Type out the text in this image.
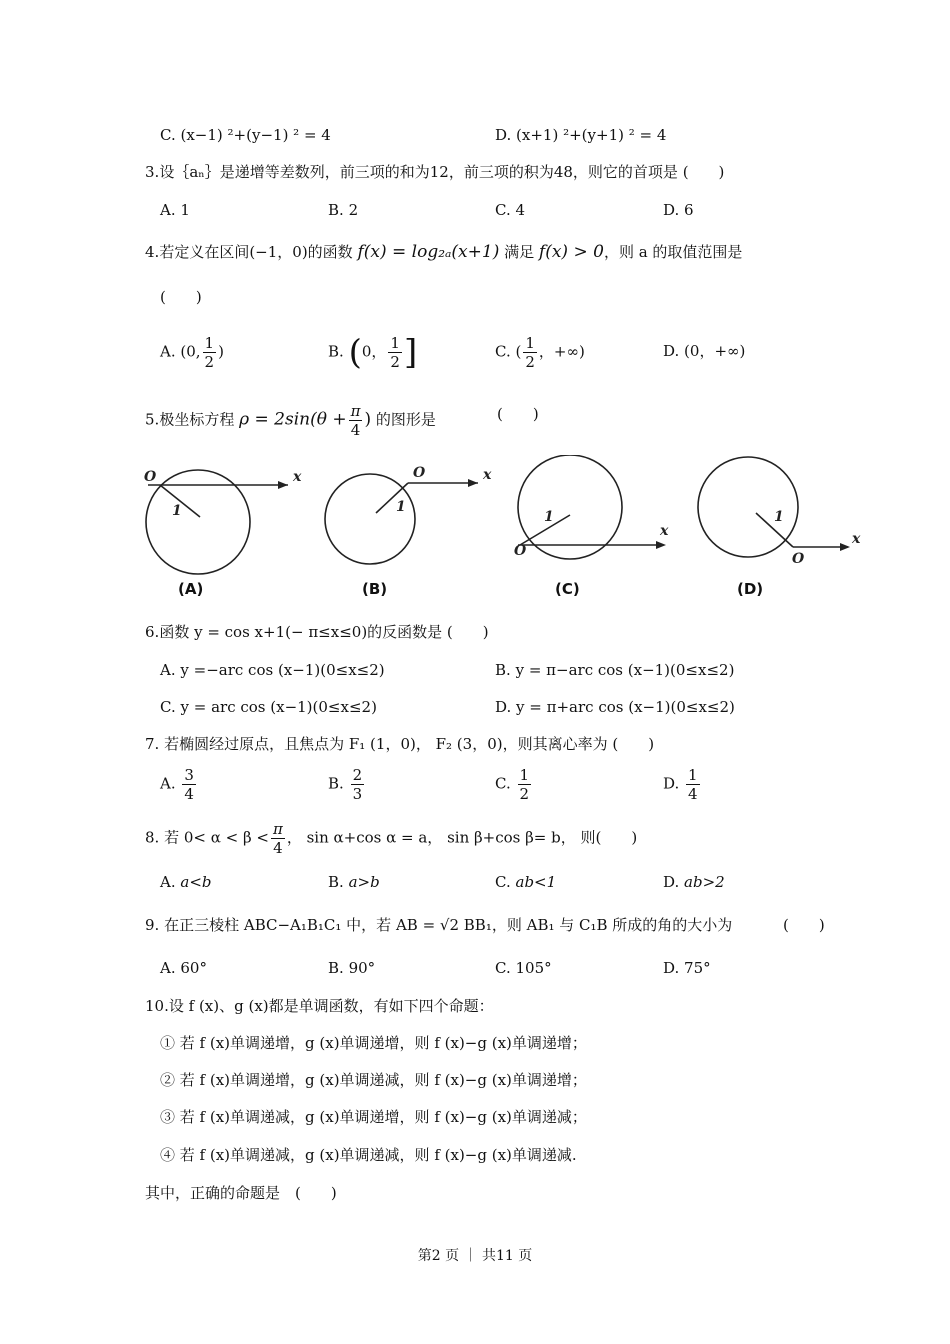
C. (x−1) ²+(y−1) ² = 4	D. (x+1) ²+(y+1) ² = 4
3.设｛aₙ｝是递增等差数列，前三项的和为12，前三项的积为48，则它的首项是 (　　)
A. 1	B. 2	C. 4	D. 6
4.若定义在区间(−1，0)的函数 f(x) = log₂ₐ(x+1) 满足 f(x) > 0，则 a 的取值范围是
(　　)
A. (0, $\frac{1}{2}$ )	B. (0， $\frac{1}{2}$ ]	C. ( $\frac{1}{2}$ ，+∞)	D. (0，+∞)
5.极坐标方程 $\rho = 2\sin(\theta + \frac{\pi}{4}$ ) 的图形是	(　　)
O	x
1
O	x
1
O
x
1
O
x
1
(A)	(B)	(C)	(D)
6.函数 y = cos x+1(− π≤x≤0)的反函数是 (　　)
A. y =−arc cos (x−1)(0≤x≤2)	B. y = π−arc cos (x−1)(0≤x≤2)
C. y = arc cos (x−1)(0≤x≤2)	D. y = π+arc cos (x−1)(0≤x≤2)
7. 若椭圆经过原点，且焦点为 F₁ (1，0)， F₂ (3，0)，则其离心率为 (　　)
A. $\frac{3}{4}$	B. $\frac{2}{3}$	C. $\frac{1}{2}$	D. $\frac{1}{4}$
8. 若 $0< \alpha < \beta < \frac{\pi}{4}$ ， sin α+cos α = a， sin β+cos β= b， 则(　　)
A. a<b	B. a>b	C. ab<1	D. ab>2
9. 在正三棱柱 ABC−A₁B₁C₁ 中，若 AB = √2 BB₁，则 AB₁ 与 C₁B 所成的角的大小为	(　　)
A. 60°	B. 90°	C. 105°	D. 75°
10.设 f (x)、g (x)都是单调函数，有如下四个命题：
① 若 f (x)单调递增，g (x)单调递增，则 f (x)−g (x)单调递增；
② 若 f (x)单调递增，g (x)单调递减，则 f (x)−g (x)单调递增；
③ 若 f (x)单调递减，g (x)单调递增，则 f (x)−g (x)单调递减；
④ 若 f (x)单调递减，g (x)单调递减，则 f (x)−g (x)单调递减.
其中，正确的命题是　(　　)
第2 页 ｜ 共11 页
